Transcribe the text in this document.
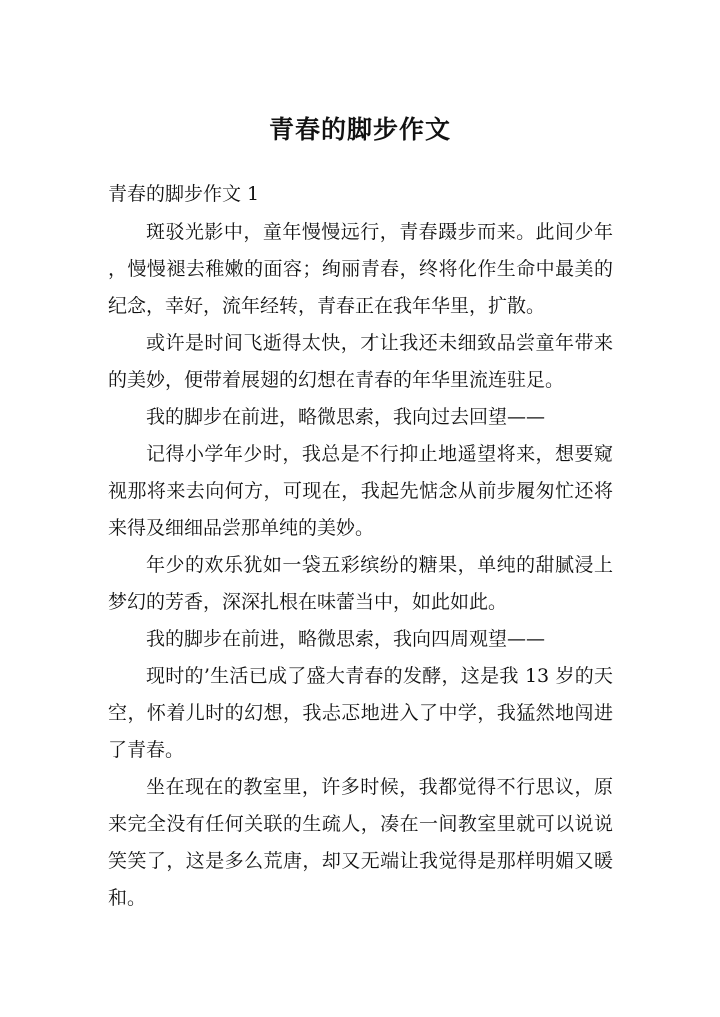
青春的脚步作文
青春的脚步作文 1

斑驳光影中，童年慢慢远行，青春蹑步而来。此间少年，慢慢褪去稚嫩的面容；绚丽青春，终将化作生命中最美的纪念，幸好，流年经转，青春正在我年华里，扩散。

或许是时间飞逝得太快，才让我还未细致品尝童年带来的美妙，便带着展翅的幻想在青春的年华里流连驻足。

我的脚步在前进，略微思索，我向过去回望——

记得小学年少时，我总是不行抑止地遥望将来，想要窥视那将来去向何方，可现在，我起先惦念从前步履匆忙还将来得及细细品尝那单纯的美妙。

年少的欢乐犹如一袋五彩缤纷的糖果，单纯的甜腻浸上梦幻的芳香，深深扎根在味蕾当中，如此如此。

我的脚步在前进，略微思索，我向四周观望——

现时的’生活已成了盛大青春的发酵，这是我 13 岁的天空，怀着儿时的幻想，我忐忑地进入了中学，我猛然地闯进了青春。

坐在现在的教室里，许多时候，我都觉得不行思议，原来完全没有任何关联的生疏人，凑在一间教室里就可以说说笑笑了，这是多么荒唐，却又无端让我觉得是那样明媚又暖和。
